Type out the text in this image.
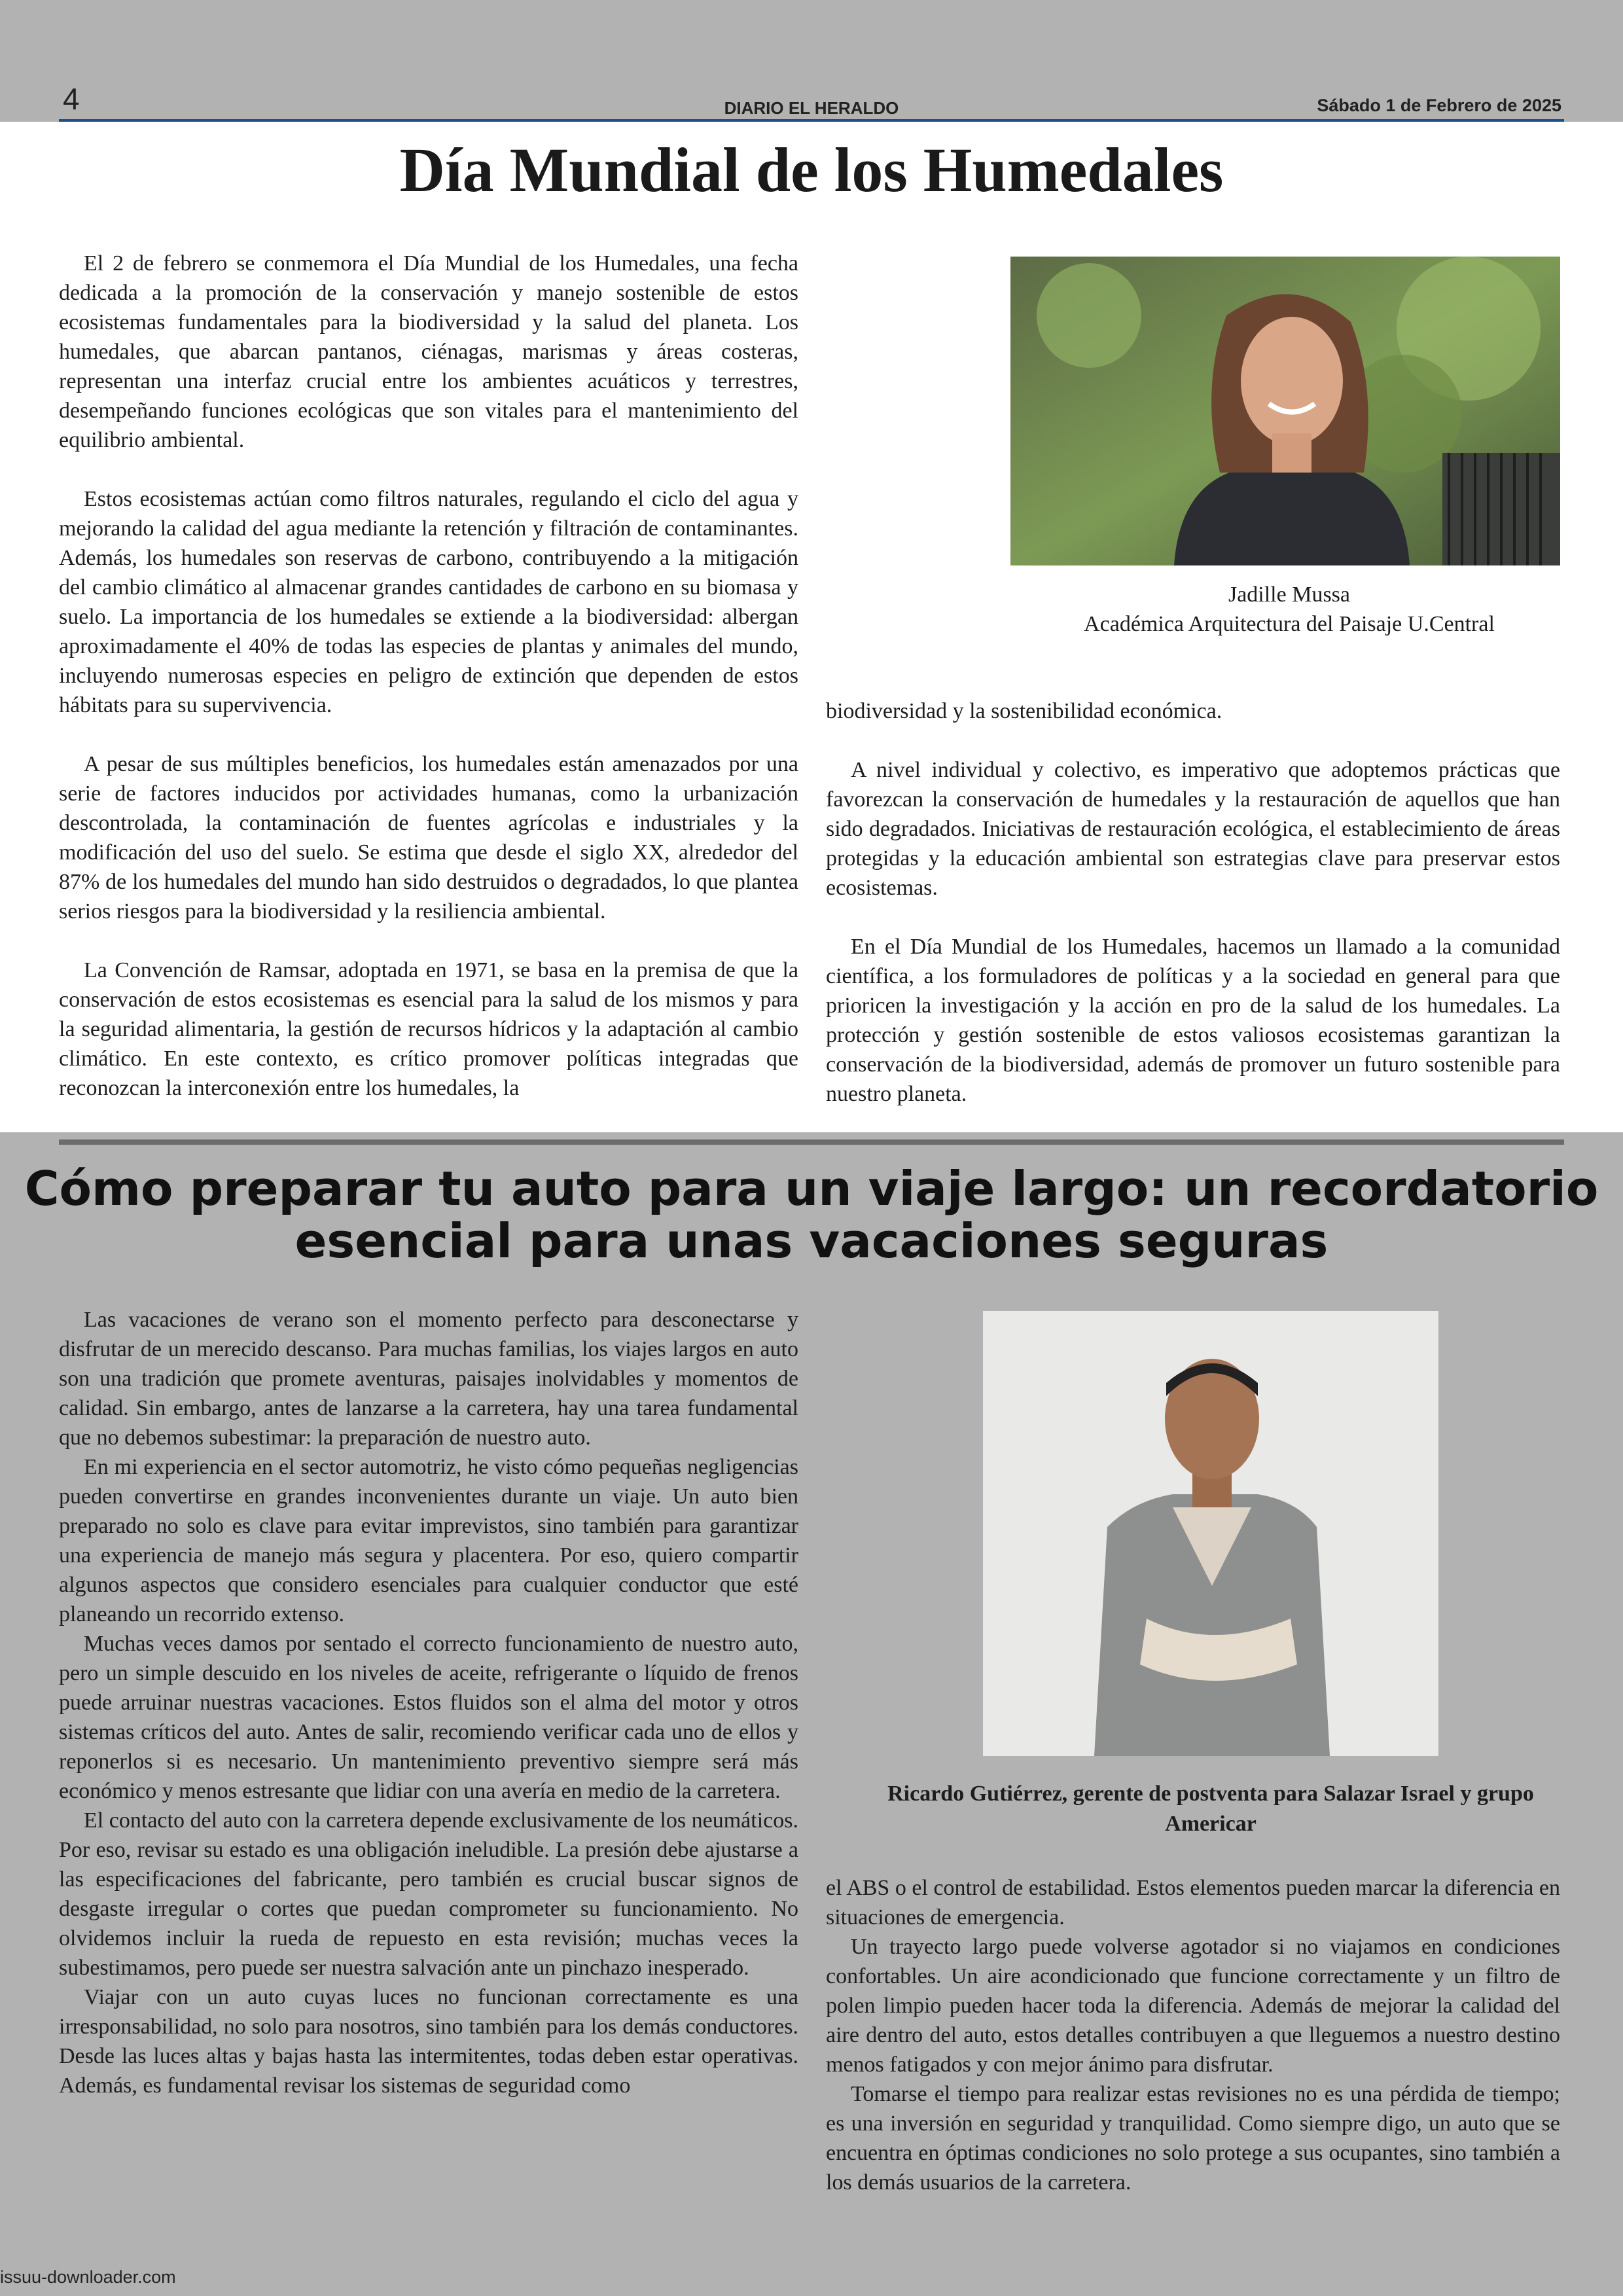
4	DIARIO EL HERALDO	Sábado 1 de Febrero de 2025
Día Mundial de los Humedales

El 2 de febrero se conmemora el Día Mundial de los Humedales, una fecha dedicada a la promoción de la conservación y manejo sostenible de estos ecosistemas fundamentales para la biodiversidad y la salud del planeta. Los humedales, que abarcan pantanos, ciénagas, marismas y áreas costeras, representan una interfaz crucial entre los ambientes acuáticos y terrestres, desempeñando funciones ecológicas que son vitales para el mantenimiento del equilibrio ambiental.

Estos ecosistemas actúan como filtros naturales, regulando el ciclo del agua y mejorando la calidad del agua mediante la retención y filtración de contaminantes. Además, los humedales son reservas de carbono, contribuyendo a la mitigación del cambio climático al almacenar grandes cantidades de carbono en su biomasa y suelo. La importancia de los humedales se extiende a la biodiversidad: albergan aproximadamente el 40% de todas las especies de plantas y animales del mundo, incluyendo numerosas especies en peligro de extinción que dependen de estos hábitats para su supervivencia.

A pesar de sus múltiples beneficios, los humedales están amenazados por una serie de factores inducidos por actividades humanas, como la urbanización descontrolada, la contaminación de fuentes agrícolas e industriales y la modificación del uso del suelo. Se estima que desde el siglo XX, alrededor del 87% de los humedales del mundo han sido destruidos o degradados, lo que plantea serios riesgos para la biodiversidad y la resiliencia ambiental.

La Convención de Ramsar, adoptada en 1971, se basa en la premisa de que la conservación de estos ecosistemas es esencial para la salud de los mismos y para la seguridad alimentaria, la gestión de recursos hídricos y la adaptación al cambio climático. En este contexto, es crítico promover políticas integradas que reconozcan la interconexión entre los humedales, la

Jadille Mussa
Académica Arquitectura del Paisaje U.Central

biodiversidad y la sostenibilidad económica.

A nivel individual y colectivo, es imperativo que adoptemos prácticas que favorezcan la conservación de humedales y la restauración de aquellos que han sido degradados. Iniciativas de restauración ecológica, el establecimiento de áreas protegidas y la educación ambiental son estrategias clave para preservar estos ecosistemas.

En el Día Mundial de los Humedales, hacemos un llamado a la comunidad científica, a los formuladores de políticas y a la sociedad en general para que prioricen la investigación y la acción en pro de la salud de los humedales. La protección y gestión sostenible de estos valiosos ecosistemas garantizan la conservación de la biodiversidad, además de promover un futuro sostenible para nuestro planeta.

Cómo preparar tu auto para un viaje largo: un recordatorio
esencial para unas vacaciones seguras

Las vacaciones de verano son el momento perfecto para desconectarse y disfrutar de un merecido descanso. Para muchas familias, los viajes largos en auto son una tradición que promete aventuras, paisajes inolvidables y momentos de calidad. Sin embargo, antes de lanzarse a la carretera, hay una tarea fundamental que no debemos subestimar: la preparación de nuestro auto.

En mi experiencia en el sector automotriz, he visto cómo pequeñas negligencias pueden convertirse en grandes inconvenientes durante un viaje. Un auto bien preparado no solo es clave para evitar imprevistos, sino también para garantizar una experiencia de manejo más segura y placentera. Por eso, quiero compartir algunos aspectos que considero esenciales para cualquier conductor que esté planeando un recorrido extenso.

Muchas veces damos por sentado el correcto funcionamiento de nuestro auto, pero un simple descuido en los niveles de aceite, refrigerante o líquido de frenos puede arruinar nuestras vacaciones. Estos fluidos son el alma del motor y otros sistemas críticos del auto. Antes de salir, recomiendo verificar cada uno de ellos y reponerlos si es necesario. Un mantenimiento preventivo siempre será más económico y menos estresante que lidiar con una avería en medio de la carretera.

El contacto del auto con la carretera depende exclusivamente de los neumáticos. Por eso, revisar su estado es una obligación ineludible. La presión debe ajustarse a las especificaciones del fabricante, pero también es crucial buscar signos de desgaste irregular o cortes que puedan comprometer su funcionamiento. No olvidemos incluir la rueda de repuesto en esta revisión; muchas veces la subestimamos, pero puede ser nuestra salvación ante un pinchazo inesperado.

Viajar con un auto cuyas luces no funcionan correctamente es una irresponsabilidad, no solo para nosotros, sino también para los demás conductores. Desde las luces altas y bajas hasta las intermitentes, todas deben estar operativas. Además, es fundamental revisar los sistemas de seguridad como

Ricardo Gutiérrez, gerente de postventa para Salazar Israel y grupo Americar

el ABS o el control de estabilidad. Estos elementos pueden marcar la diferencia en situaciones de emergencia.

Un trayecto largo puede volverse agotador si no viajamos en condiciones confortables. Un aire acondicionado que funcione correctamente y un filtro de polen limpio pueden hacer toda la diferencia. Además de mejorar la calidad del aire dentro del auto, estos detalles contribuyen a que lleguemos a nuestro destino menos fatigados y con mejor ánimo para disfrutar.

Tomarse el tiempo para realizar estas revisiones no es una pérdida de tiempo; es una inversión en seguridad y tranquilidad. Como siempre digo, un auto que se encuentra en óptimas condiciones no solo protege a sus ocupantes, sino también a los demás usuarios de la carretera.

issuu-downloader.com
